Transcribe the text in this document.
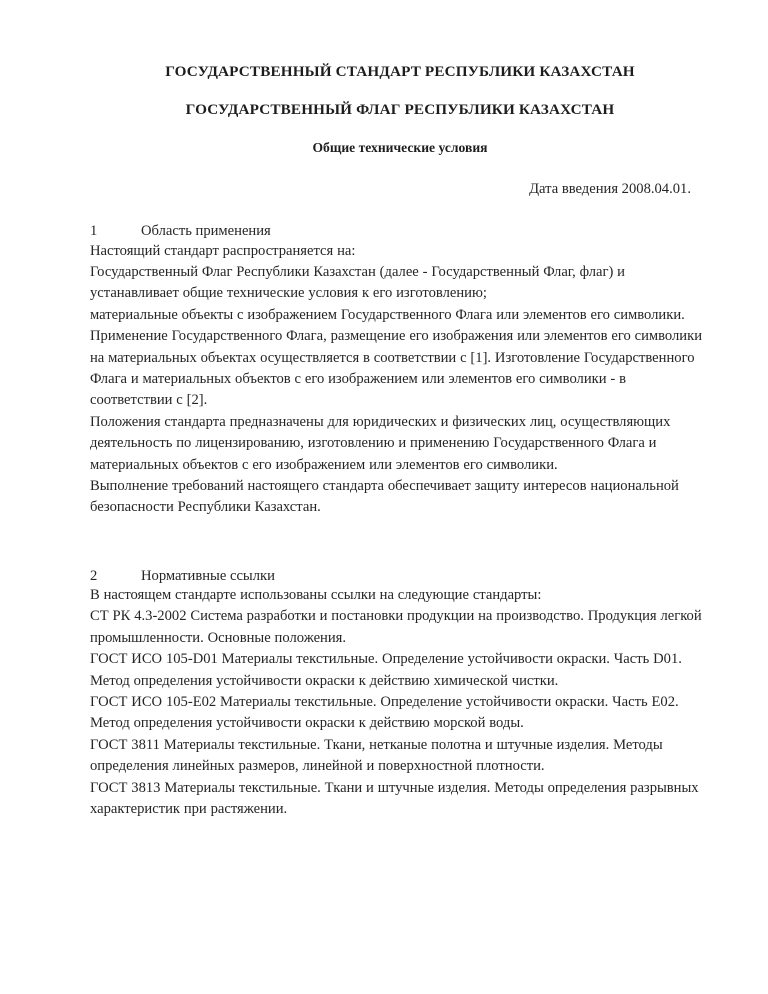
ГОСУДАРСТВЕННЫЙ СТАНДАРТ РЕСПУБЛИКИ КАЗАХСТАН
ГОСУДАРСТВЕННЫЙ ФЛАГ РЕСПУБЛИКИ КАЗАХСТАН
Общие технические условия
Дата введения 2008.04.01.
1	Область применения

Настоящий стандарт распространяется на:

Государственный Флаг Республики Казахстан (далее - Государственный Флаг, флаг) и устанавливает общие технические условия к его изготовлению;

материальные объекты с изображением Государственного Флага или элементов его символики.

Применение Государственного Флага, размещение его изображения или элементов его символики на материальных объектах осуществляется в соответствии с [1]. Изготовление Государственного Флага и материальных объектов с его изображением или элементов его символики - в соответствии с [2].

Положения стандарта предназначены для юридических и физических лиц, осуществляющих деятельность по лицензированию, изготовлению и применению Государственного Флага и материальных объектов с его изображением или элементов его символики.

Выполнение требований настоящего стандарта обеспечивает защиту интересов национальной безопасности Республики Казахстан.

2	Нормативные ссылки

В настоящем стандарте использованы ссылки на следующие стандарты:

СТ РК 4.3-2002 Система разработки и постановки продукции на производство. Продукция легкой промышленности. Основные положения.

ГОСТ ИСО 105-D01 Материалы текстильные. Определение устойчивости окраски. Часть D01. Метод определения устойчивости окраски к действию химической чистки.

ГОСТ ИСО 105-E02 Материалы текстильные. Определение устойчивости окраски. Часть E02. Метод определения устойчивости окраски к действию морской воды.

ГОСТ 3811 Материалы текстильные. Ткани, нетканые полотна и штучные изделия. Методы определения линейных размеров, линейной и поверхностной плотности.

ГОСТ 3813 Материалы текстильные. Ткани и штучные изделия. Методы определения разрывных характеристик при растяжении.
